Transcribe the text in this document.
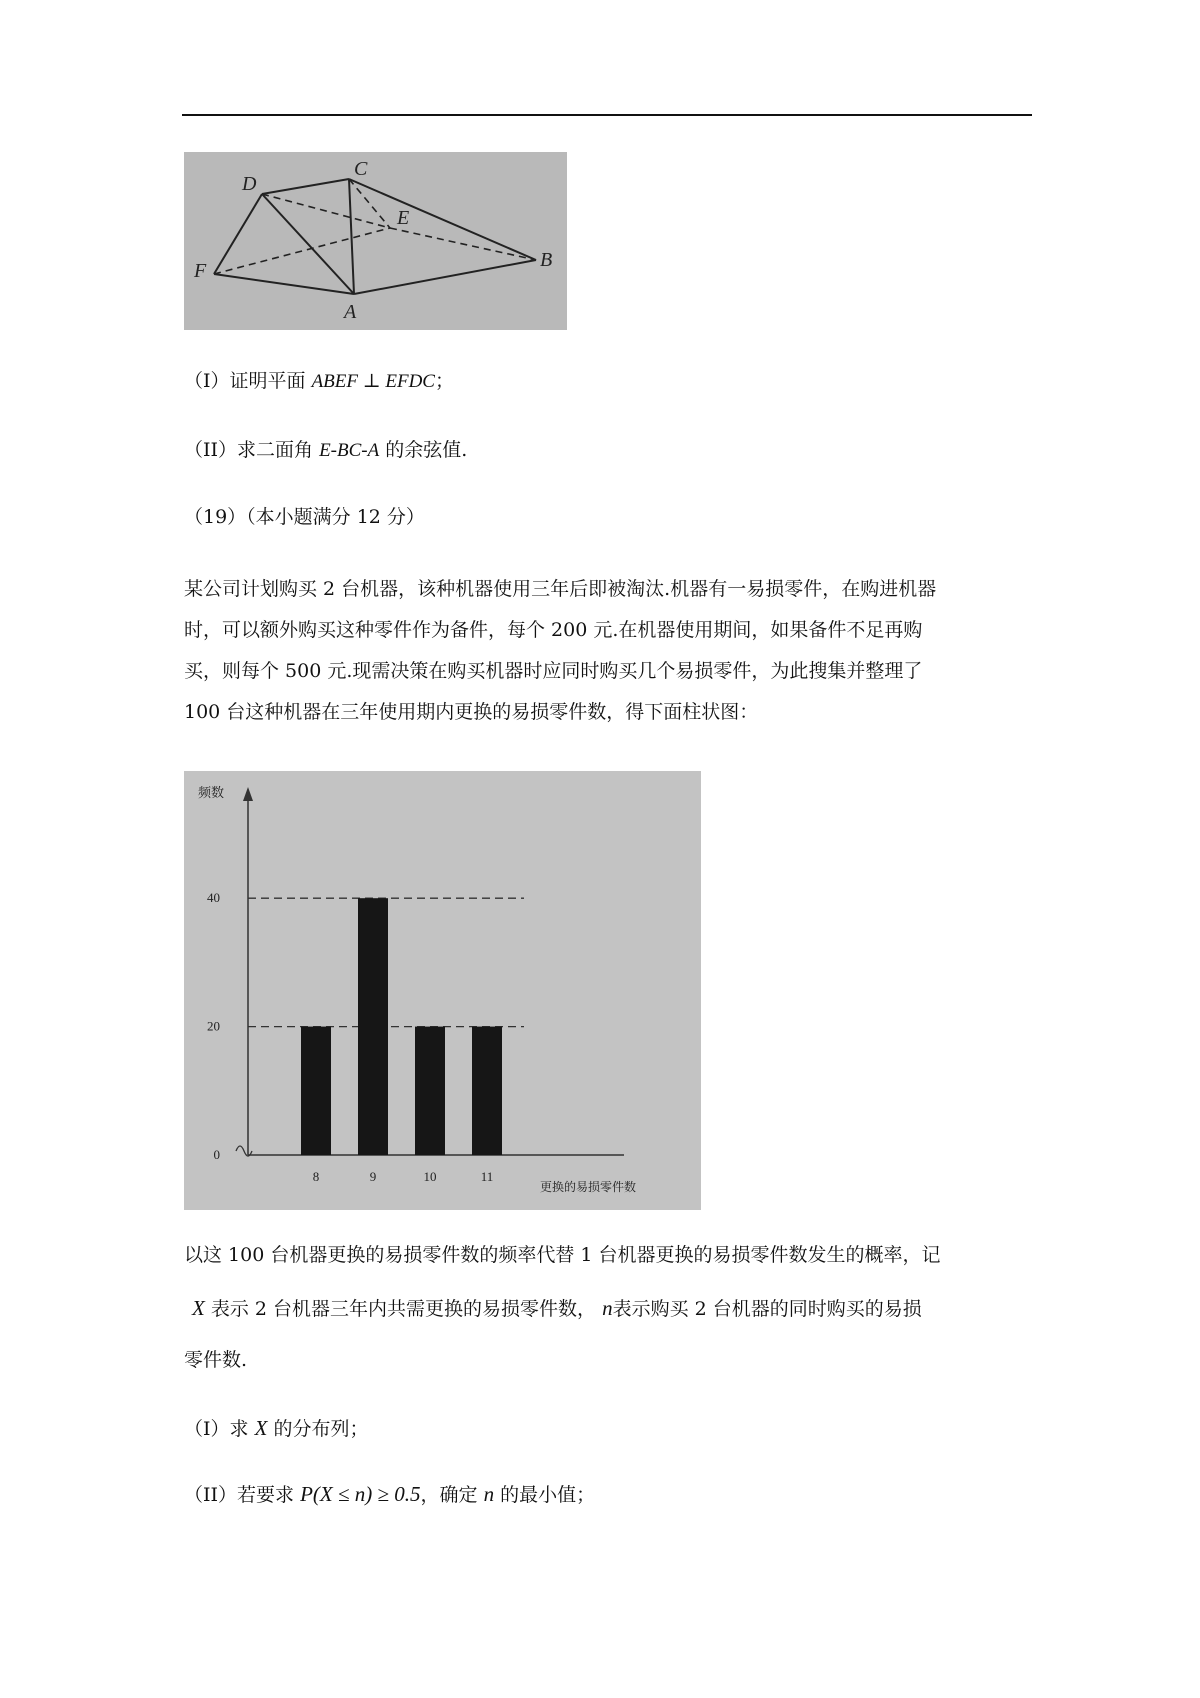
D
C
E
F	B
A
（I）证明平面 ABEF ⊥ EFDC；
（II）求二面角 E-BC-A 的余弦值.
（19）（本小题满分 12 分）
某公司计划购买 2 台机器，该种机器使用三年后即被淘汰.机器有一易损零件，在购进机器
时，可以额外购买这种零件作为备件，每个 200 元.在机器使用期间，如果备件不足再购
买，则每个 500 元.现需决策在购买机器时应同时购买几个易损零件，为此搜集并整理了
100 台这种机器在三年使用期内更换的易损零件数，得下面柱状图：
频数
更换的易损零件数
8	9	10	11
0
20
40
以这 100 台机器更换的易损零件数的频率代替 1 台机器更换的易损零件数发生的概率，记
X 表示 2 台机器三年内共需更换的易损零件数， n表示购买 2 台机器的同时购买的易损
零件数.
（I）求 X 的分布列；
（II）若要求 P(X ≤ n) ≥ 0.5，确定 n 的最小值；
